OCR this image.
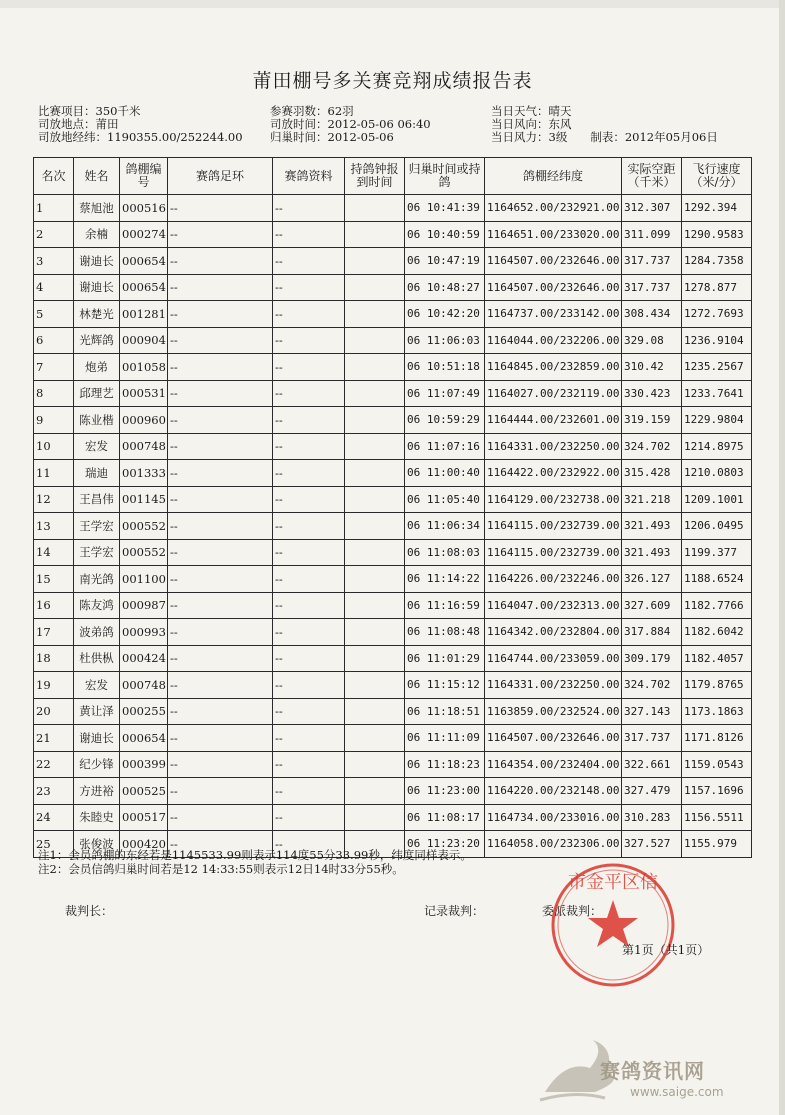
莆田棚号多关赛竞翔成绩报告表
比赛项目：350千米
司放地点：莆田
司放地经纬：1190355.00/252244.00
参赛羽数：62羽
司放时间：2012-05-06 06:40
归巢时间：2012-05-06
当日天气：晴天
当日风向：东风
当日风力：3级　　制表：2012年05月06日
名次	姓名	鸽棚编号	赛鸽足环	赛鸽资料	持鸽钟报到时间	归巢时间或持鸽	鸽棚经纬度	实际空距（千米）	飞行速度（米/分）
1	蔡旭池	000516	--	--		06 10:41:39	1164652.00/232921.00	312.307	1292.394
2	余楠	000274	--	--		06 10:40:59	1164651.00/233020.00	311.099	1290.9583
3	谢迪长	000654	--	--		06 10:47:19	1164507.00/232646.00	317.737	1284.7358
4	谢迪长	000654	--	--		06 10:48:27	1164507.00/232646.00	317.737	1278.877
5	林楚光	001281	--	--		06 10:42:20	1164737.00/233142.00	308.434	1272.7693
6	光辉鸽	000904	--	--		06 11:06:03	1164044.00/232206.00	329.08	1236.9104
7	炮弟	001058	--	--		06 10:51:18	1164845.00/232859.00	310.42	1235.2567
8	邱理艺	000531	--	--		06 11:07:49	1164027.00/232119.00	330.423	1233.7641
9	陈业楷	000960	--	--		06 10:59:29	1164444.00/232601.00	319.159	1229.9804
10	宏发	000748	--	--		06 11:07:16	1164331.00/232250.00	324.702	1214.8975
11	瑞迪	001333	--	--		06 11:00:40	1164422.00/232922.00	315.428	1210.0803
12	王昌伟	001145	--	--		06 11:05:40	1164129.00/232738.00	321.218	1209.1001
13	王学宏	000552	--	--		06 11:06:34	1164115.00/232739.00	321.493	1206.0495
14	王学宏	000552	--	--		06 11:08:03	1164115.00/232739.00	321.493	1199.377
15	南光鸽	001100	--	--		06 11:14:22	1164226.00/232246.00	326.127	1188.6524
16	陈友鸿	000987	--	--		06 11:16:59	1164047.00/232313.00	327.609	1182.7766
17	波弟鸽	000993	--	--		06 11:08:48	1164342.00/232804.00	317.884	1182.6042
18	杜供枞	000424	--	--		06 11:01:29	1164744.00/233059.00	309.179	1182.4057
19	宏发	000748	--	--		06 11:15:12	1164331.00/232250.00	324.702	1179.8765
20	黄让泽	000255	--	--		06 11:18:51	1163859.00/232524.00	327.143	1173.1863
21	谢迪长	000654	--	--		06 11:11:09	1164507.00/232646.00	317.737	1171.8126
22	纪少锋	000399	--	--		06 11:18:23	1164354.00/232404.00	322.661	1159.0543
23	方进裕	000525	--	--		06 11:23:00	1164220.00/232148.00	327.479	1157.1696
24	朱睦史	000517	--	--		06 11:08:17	1164734.00/233016.00	310.283	1156.5511
25	张俊波	000420	--	--		06 11:23:20	1164058.00/232306.00	327.527	1155.979
注1：会员鸽棚的东经若是1145533.99则表示114度55分33.99秒，纬度同样表示。
注2：会员信鸽归巢时间若是12 14:33:55则表示12日14时33分55秒。
裁判长：	记录裁判：	委派裁判：
市金平区信
第1页（共1页）
赛鸽资讯网
www.saige.com
